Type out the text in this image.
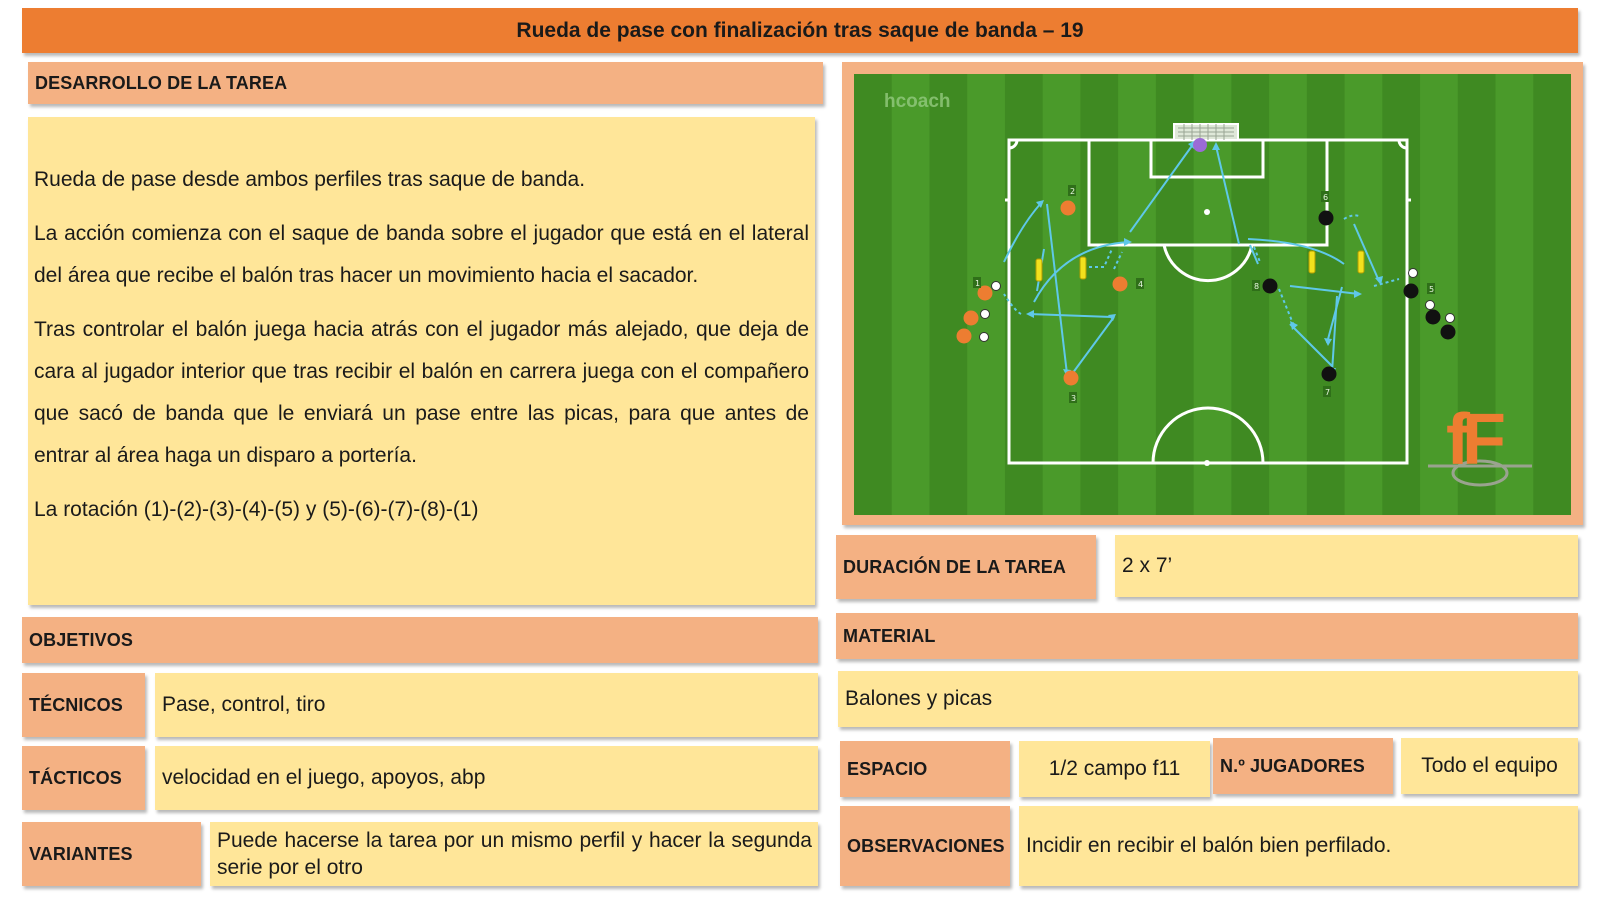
Rueda de pase con finalización tras saque de banda – 19
DESARROLLO DE LA TAREA

Rueda de pase desde ambos perfiles tras saque de banda.

La acción comienza con el saque de banda sobre el jugador que está en el lateral del área que recibe el balón tras hacer un movimiento hacia el sacador.

Tras controlar el balón juega hacia atrás con el jugador más alejado, que deja de cara al jugador interior que tras recibir el balón en carrera juega con el compañero que sacó de banda que le enviará un pase entre las picas, para que antes de entrar al área haga un disparo a portería.

La rotación (1)-(2)-(3)-(4)-(5) y (5)-(6)-(7)-(8)-(1)

hcoach
1
2
3
4
5
6
7
8
fF
OBJETIVOS
TÉCNICOS	Pase, control, tiro
TÁCTICOS	velocidad en el juego, apoyos, abp
VARIANTES
Puede hacerse la tarea por un mismo perfil y hacer la segunda serie por el otro
DURACIÓN DE LA TAREA	2 x 7’
MATERIAL
Balones y picas
ESPACIO	1/2 campo f11	N.º JUGADORES	Todo el equipo
OBSERVACIONES	Incidir en recibir el balón bien perfilado.
